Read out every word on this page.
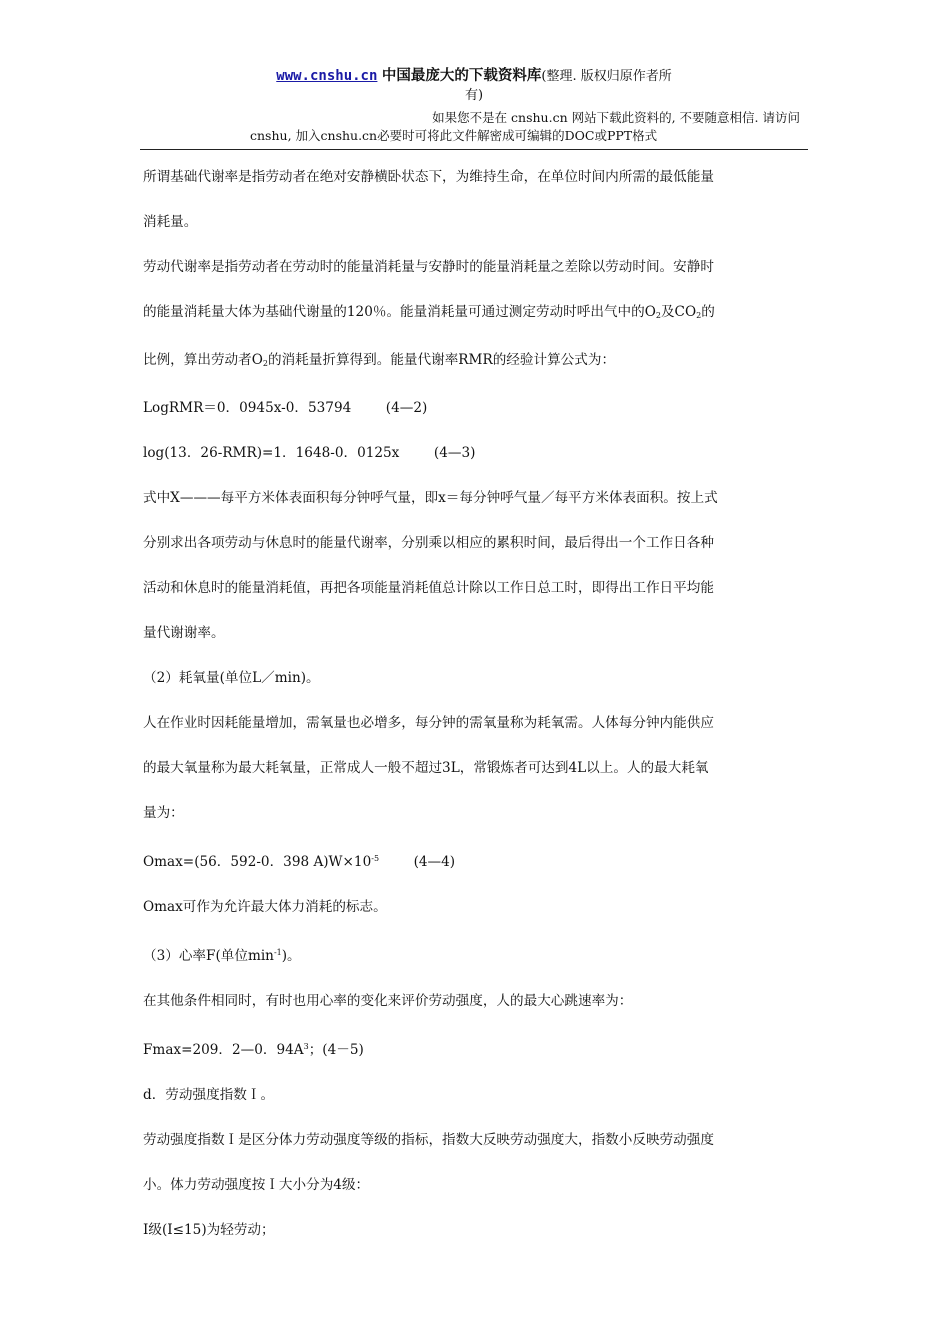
www.cnshu.cn 中国最庞大的下载资料库(整理. 版权归原作者所
有)
如果您不是在 cnshu.cn 网站下载此资料的, 不要随意相信. 请访问
cnshu, 加入cnshu.cn必要时可将此文件解密成可编辑的DOC或PPT格式

所谓基础代谢率是指劳动者在绝对安静横卧状态下，为维持生命，在单位时间内所需的最低能量

消耗量。

劳动代谢率是指劳动者在劳动时的能量消耗量与安静时的能量消耗量之差除以劳动时间。安静时

的能量消耗量大体为基础代谢量的120％。能量消耗量可通过测定劳动时呼出气中的$O_2$及$CO_2$的

比例，算出劳动者$O_2$的消耗量折算得到。能量代谢率RMR的经验计算公式为：

LogRMR＝0．0945x-0．53794        (4—2)

log(13．26-RMR)=1．1648-0．0125x        (4—3)

式中X———每平方米体表面积每分钟呼气量，即x＝每分钟呼气量／每平方米体表面积。按上式

分别求出各项劳动与休息时的能量代谢率，分别乘以相应的累积时间，最后得出一个工作日各种

活动和休息时的能量消耗值，再把各项能量消耗值总计除以工作日总工时，即得出工作日平均能

量代谢谢率。

（2）耗氧量(单位L／min)。

人在作业时因耗能量增加，需氧量也必增多，每分钟的需氧量称为耗氧需。人体每分钟内能供应

的最大氧量称为最大耗氧量，正常成人一般不超过3L，常锻炼者可达到4L以上。人的最大耗氧

量为：

Omax=(56．592-0．398 $A)W\times 10^{-5}$        (4—4)

Omax可作为允许最大体力消耗的标志。

（3）心率F(单位$\min^{-1}$)。

在其他条件相同时，有时也用心率的变化来评价劳动强度，人的最大心跳速率为：

Fmax=209．2—0．$94A^3$；(4－5)

d．劳动强度指数Ｉ。

劳动强度指数Ｉ是区分体力劳动强度等级的指标，指数大反映劳动强度大，指数小反映劳动强度

小。体力劳动强度按Ｉ大小分为4级：

Ⅰ级(I≤15)为轻劳动；
